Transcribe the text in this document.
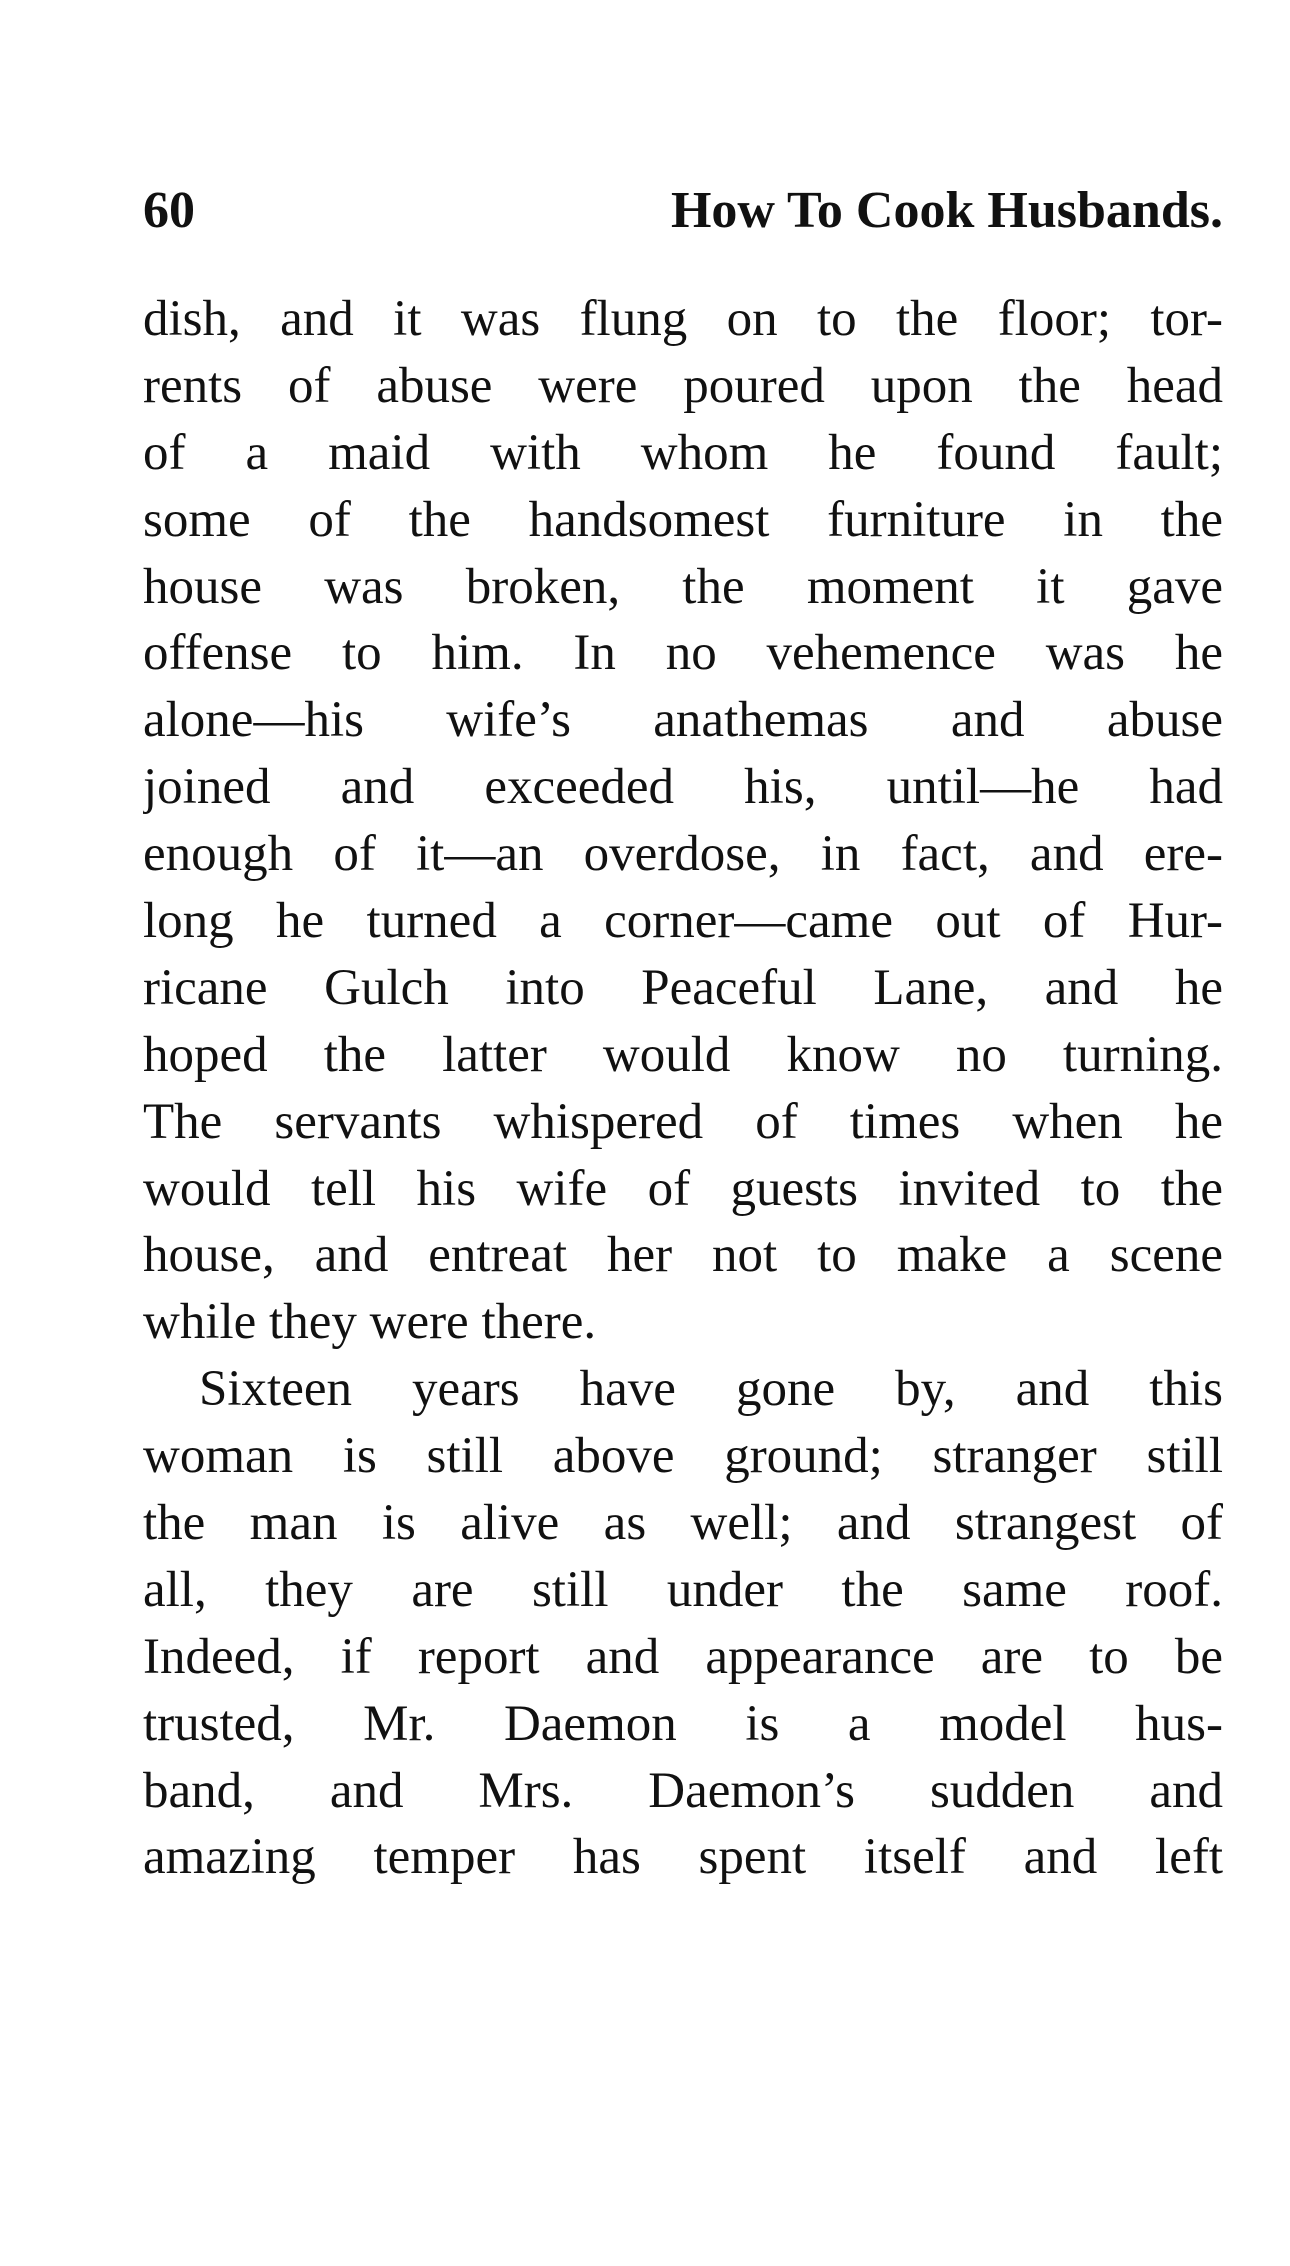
60	How To Cook Husbands.
dish, and it was flung on to the floor; tor-
rents of abuse were poured upon the head
of a maid with whom he found fault;
some of the handsomest furniture in the
house was broken, the moment it gave
offense to him. In no vehemence was he
alone—his wife’s anathemas and abuse
joined and exceeded his, until—he had
enough of it—an overdose, in fact, and ere-
long he turned a corner—came out of Hur-
ricane Gulch into Peaceful Lane, and he
hoped the latter would know no turning.
The servants whispered of times when he
would tell his wife of guests invited to the
house, and entreat her not to make a scene
while they were there.
Sixteen years have gone by, and this
woman is still above ground; stranger still
the man is alive as well; and strangest of
all, they are still under the same roof.
Indeed, if report and appearance are to be
trusted, Mr. Daemon is a model hus-
band, and Mrs. Daemon’s sudden and
amazing temper has spent itself and left
